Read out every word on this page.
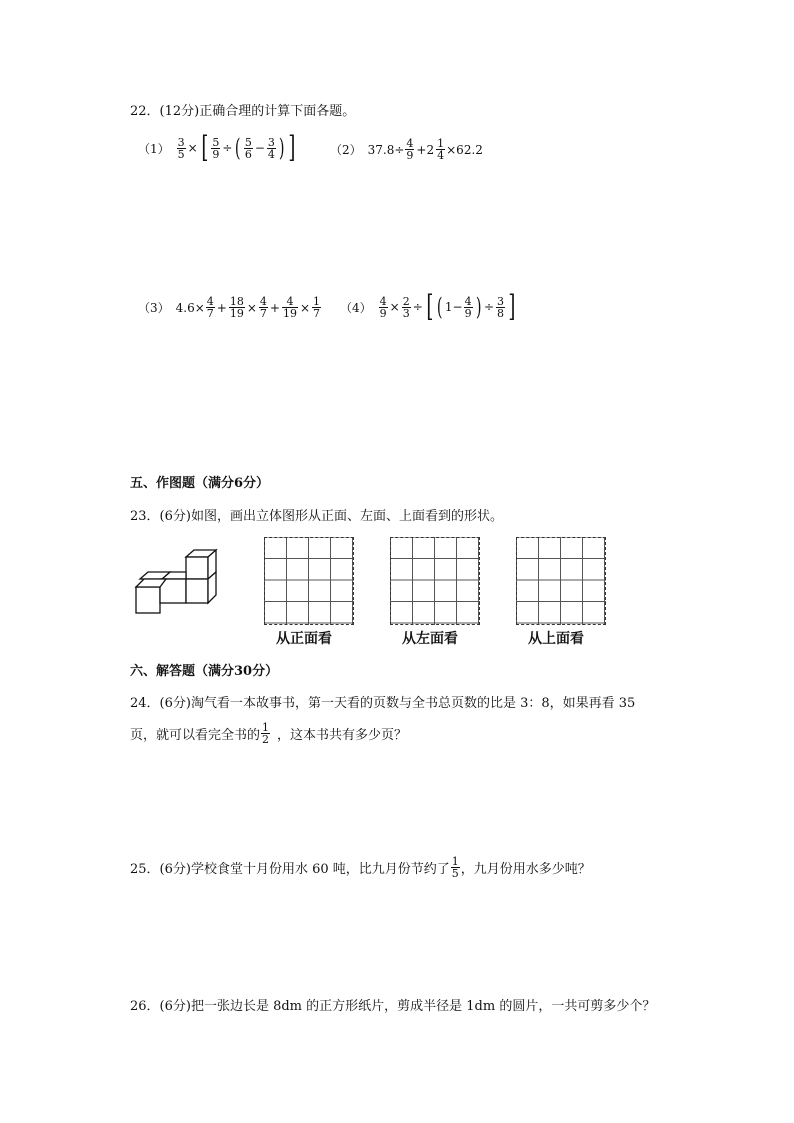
22．(12分)正确合理的计算下面各题。
$(1) \frac{3}{5}$ × [ $\frac{5}{9}$ ÷ ( $\frac{5}{6} - \frac{3}{4}$ ) ]	（2） $37.8\div \frac{4}{9} +2 \frac{1}{4} \times 62.2$
（3） $4.6\times \frac{4}{7} + \frac{18}{19} \times \frac{4}{7} + \frac{4}{19} \times \frac{1}{7} (4) \frac{4}{9} \times \frac{2}{3}$ ÷ [ ( $1- \frac{4}{9}$ ) ÷ $\frac{3}{8}$ ]
五、作图题（满分6分）
23．(6分)如图，画出立体图形从正面、左面、上面看到的形状。
从正面看	从左面看	从上面看
六、解答题（满分30分）
24．(6分)淘气看一本故事书，第一天看的页数与全书总页数的比是 3：8，如果再看 35
页，就可以看完全书的 $\frac{1}{2}$ ，这本书共有多少页？
25．(6分)学校食堂十月份用水 60 吨，比九月份节约了 $\frac{1}{5}$ ，九月份用水多少吨？
26．(6分)把一张边长是 8dm 的正方形纸片，剪成半径是 1dm 的圆片，一共可剪多少个？
